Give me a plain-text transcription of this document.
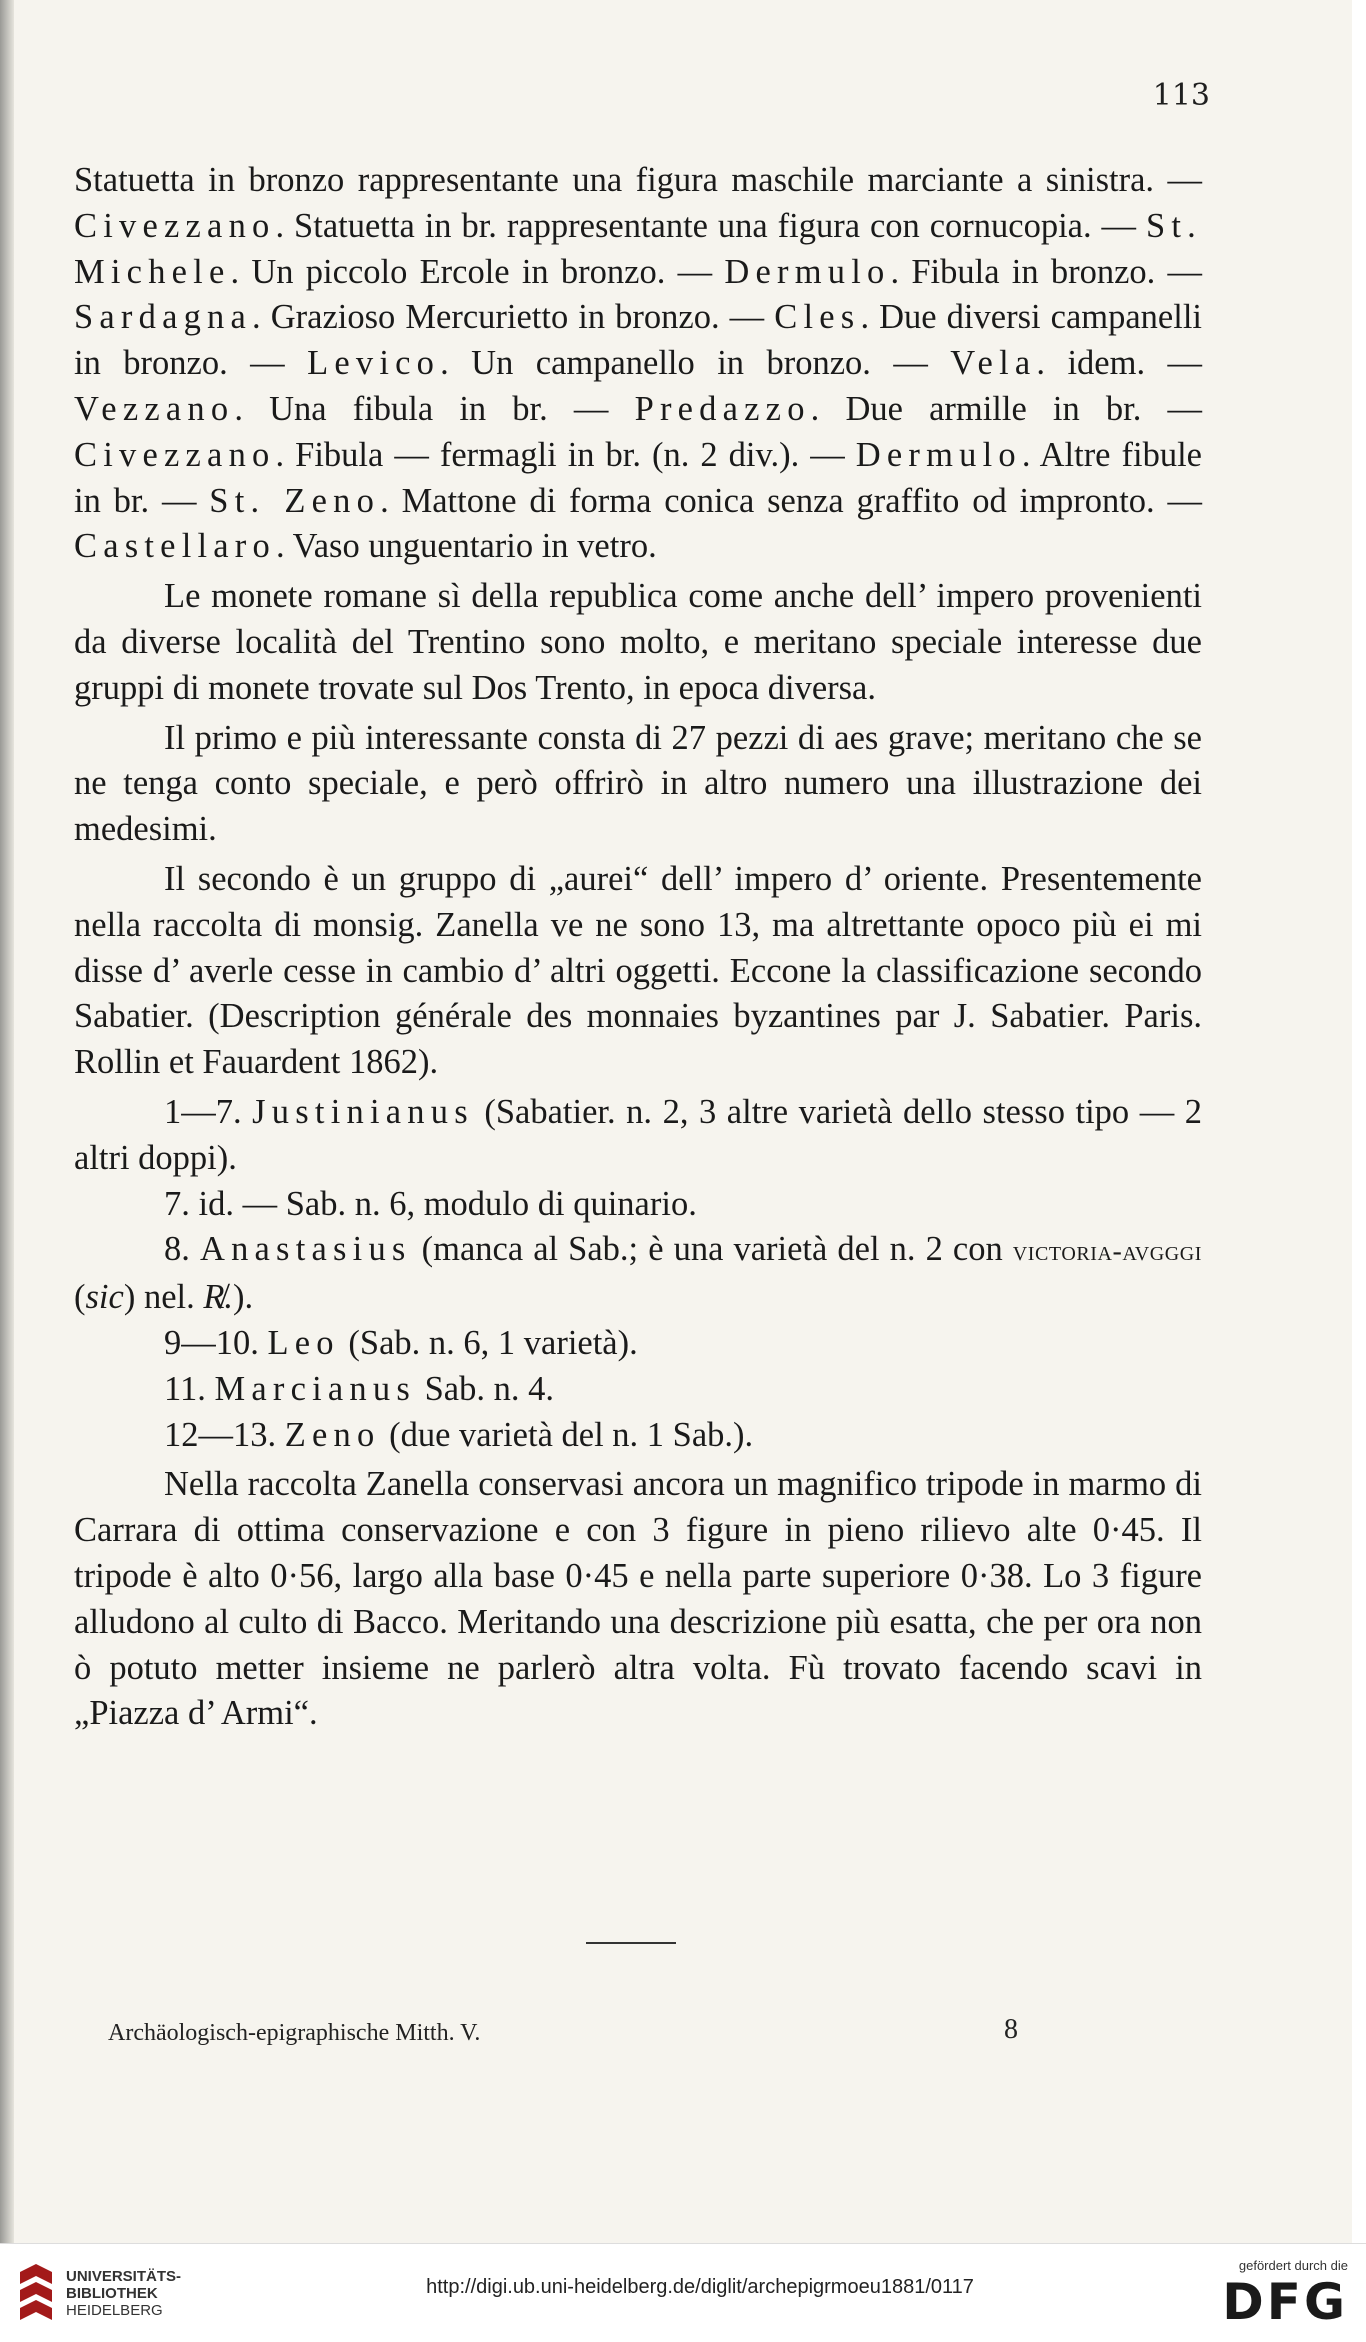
113

Statuetta in bronzo rappresentante una figura maschile marciante a sinistra. — Civezzano. Statuetta in br. rappresentante una figura con cornucopia. — St. Michele. Un piccolo Ercole in bronzo. — Dermulo. Fibula in bronzo. — Sardagna. Grazioso Mercurietto in bronzo. — Cles. Due diversi campanelli in bronzo. — Levico. Un campanello in bronzo. — Vela. idem. — Vezzano. Una fibula in br. — Predazzo. Due armille in br. — Civezzano. Fibula — fermagli in br. (n. 2 div.). — Dermulo. Altre fibule in br. — St. Zeno. Mattone di forma conica senza graffito od impronto. — Castellaro. Vaso unguentario in vetro.

Le monete romane sì della republica come anche dell’ impero provenienti da diverse località del Trentino sono molto, e meritano speciale interesse due gruppi di monete trovate sul Dos Trento, in epoca diversa.

Il primo e più interessante consta di 27 pezzi di aes grave; meritano che se ne tenga conto speciale, e però offrirò in altro numero una illustrazione dei medesimi.

Il secondo è un gruppo di „aurei“ dell’ impero d’ oriente. Presentemente nella raccolta di monsig. Zanella ve ne sono 13, ma altrettante opoco più ei mi disse d’ averle cesse in cambio d’ altri oggetti. Eccone la classificazione secondo Sabatier. (Description générale des monnaies byzantines par J. Sabatier. Paris. Rollin et Fauardent 1862).

1—7. Justinianus (Sabatier. n. 2, 3 altre varietà dello stesso tipo — 2 altri doppi).

7. id. — Sab. n. 6, modulo di quinario.

8. Anastasius (manca al Sab.; è una varietà del n. 2 con victoria-avgggi (sic) nel. R̸.).

9—10. Leo (Sab. n. 6, 1 varietà).

11. Marcianus Sab. n. 4.

12—13. Zeno (due varietà del n. 1 Sab.).

Nella raccolta Zanella conservasi ancora un magnifico tripode in marmo di Carrara di ottima conservazione e con 3 figure in pieno rilievo alte 0·45. Il tripode è alto 0·56, largo alla base 0·45 e nella parte superiore 0·38. Lo 3 figure alludono al culto di Bacco. Meritando una descrizione più esatta, che per ora non ò potuto metter insieme ne parlerò altra volta. Fù trovato facendo scavi in „Piazza d’ Armi“.

Archäologisch-epigraphische Mitth. V.	8
UNIVERSITÄTS-
BIBLIOTHEK
HEIDELBERG
http://digi.ub.uni-heidelberg.de/diglit/archepigrmoeu1881/0117
gefördert durch die
DFG
